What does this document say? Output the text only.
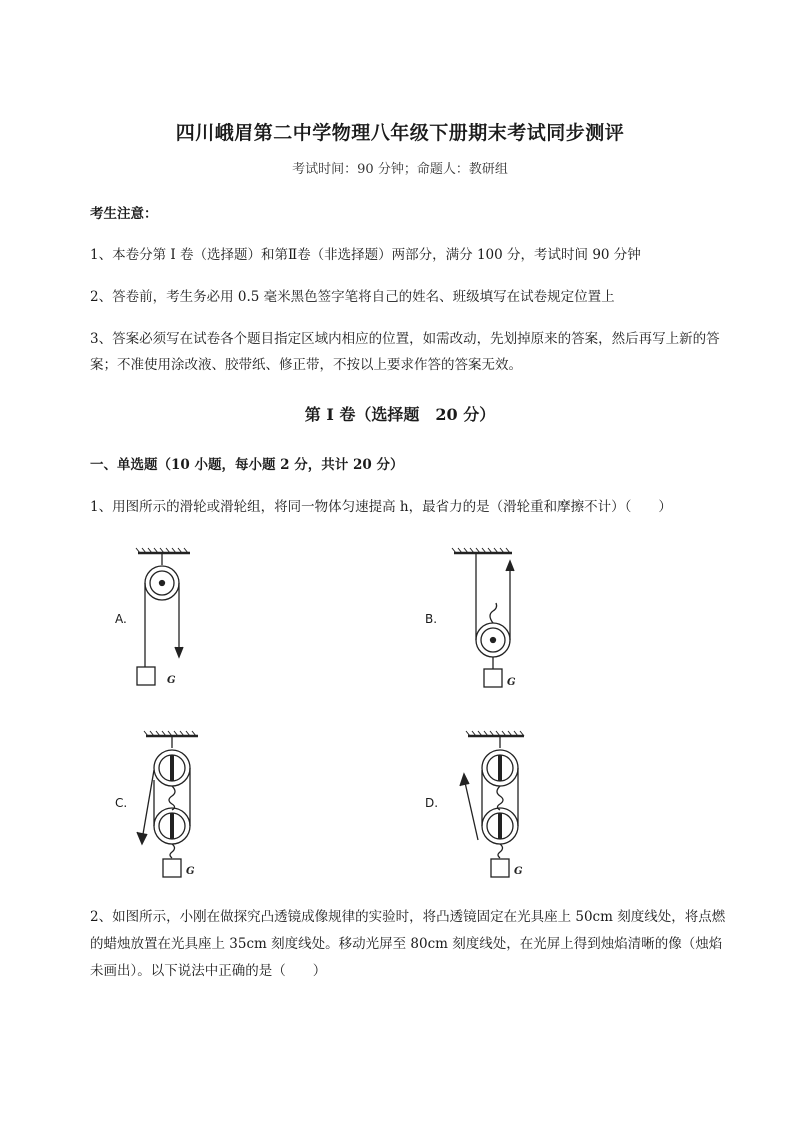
四川峨眉第二中学物理八年级下册期末考试同步测评
考试时间：90 分钟；命题人：教研组
考生注意：
1、本卷分第 I 卷（选择题）和第Ⅱ卷（非选择题）两部分，满分 100 分，考试时间 90 分钟
2、答卷前，考生务必用 0.5 毫米黑色签字笔将自己的姓名、班级填写在试卷规定位置上
3、答案必须写在试卷各个题目指定区域内相应的位置，如需改动，先划掉原来的答案，然后再写上新的答案；不准使用涂改液、胶带纸、修正带，不按以上要求作答的答案无效。
第 I 卷（选择题　20 分）
一、单选题（10 小题，每小题 2 分，共计 20 分）
1、用图所示的滑轮或滑轮组，将同一物体匀速提高 h，最省力的是（滑轮重和摩擦不计）（　　）
A.	B.
C.	D.
G	G
G	G
2、如图所示，小刚在做探究凸透镜成像规律的实验时，将凸透镜固定在光具座上 50cm 刻度线处，将点燃的蜡烛放置在光具座上 35cm 刻度线处。移动光屏至 80cm 刻度线处，在光屏上得到烛焰清晰的像（烛焰未画出）。以下说法中正确的是（　　）
